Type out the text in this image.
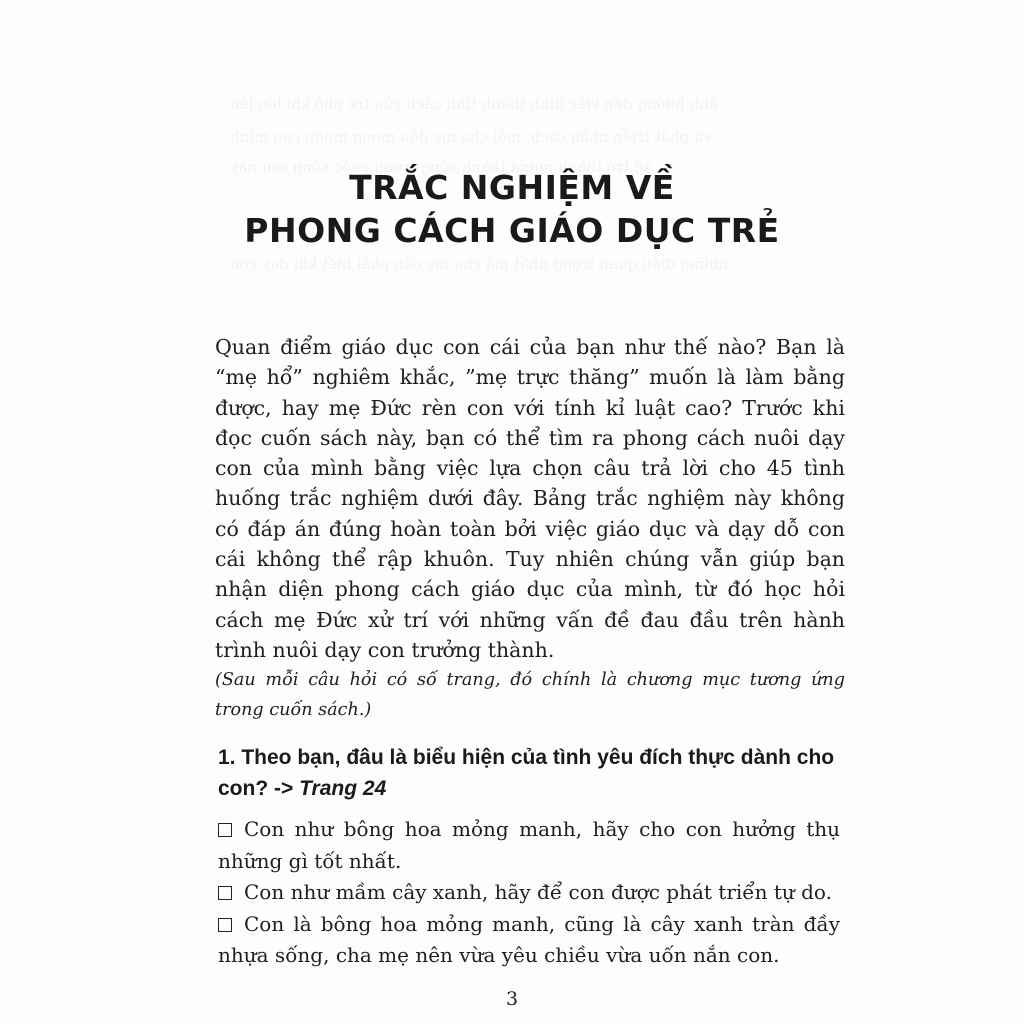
TRẮC NGHIỆM VỀ
PHONG CÁCH GIÁO DỤC TRẺ

Quan điểm giáo dục con cái của bạn như thế nào? Bạn là “mẹ hổ” nghiêm khắc, ”mẹ trực thăng” muốn là làm bằng được, hay mẹ Đức rèn con với tính kỉ luật cao? Trước khi đọc cuốn sách này, bạn có thể tìm ra phong cách nuôi dạy con của mình bằng việc lựa chọn câu trả lời cho 45 tình huống trắc nghiệm dưới đây. Bảng trắc nghiệm này không có đáp án đúng hoàn toàn bởi việc giáo dục và dạy dỗ con cái không thể rập khuôn. Tuy nhiên chúng vẫn giúp bạn nhận diện phong cách giáo dục của mình, từ đó học hỏi cách mẹ Đức xử trí với những vấn đề đau đầu trên hành trình nuôi dạy con trưởng thành.

(Sau mỗi câu hỏi có số trang, đó chính là chương mục tương ứng trong cuốn sách.)

1. Theo bạn, đâu là biểu hiện của tình yêu đích thực dành cho con? -> Trang 24

Con như bông hoa mỏng manh, hãy cho con hưởng thụ những gì tốt nhất.

Con như mầm cây xanh, hãy để con được phát triển tự do.

Con là bông hoa mỏng manh, cũng là cây xanh tràn đầy nhựa sống, cha mẹ nên vừa yêu chiều vừa uốn nắn con.

3
